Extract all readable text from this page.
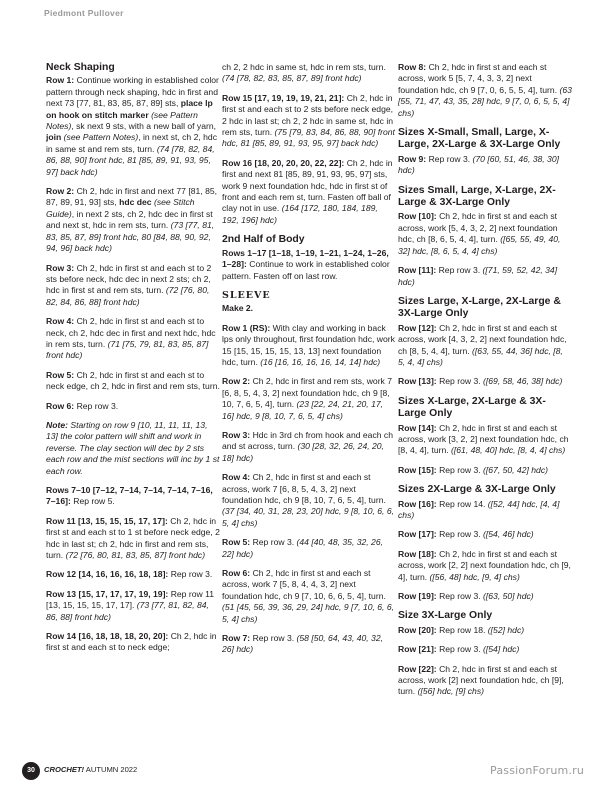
Piedmont Pullover
Neck Shaping

Row 1: Continue working in established color pattern through neck shaping, hdc in first and next 73 [77, 81, 83, 85, 87, 89] sts, place lp on hook on stitch marker (see Pattern Notes), sk next 9 sts, with a new ball of yarn, join (see Pattern Notes), in next st, ch 2, hdc in same st and rem sts, turn. (74 [78, 82, 84, 86, 88, 90] front hdc, 81 [85, 89, 91, 93, 95, 97] back hdc)

Row 2: Ch 2, hdc in first and next 77 [81, 85, 87, 89, 91, 93] sts, hdc dec (see Stitch Guide), in next 2 sts, ch 2, hdc dec in first st and next st, hdc in rem sts, turn. (73 [77, 81, 83, 85, 87, 89] front hdc, 80 [84, 88, 90, 92, 94, 96] back hdc)

Row 3: Ch 2, hdc in first st and each st to 2 sts before neck, hdc dec in next 2 sts; ch 2, hdc in first st and rem sts, turn. (72 [76, 80, 82, 84, 86, 88] front hdc)

Row 4: Ch 2, hdc in first st and each st to neck, ch 2, hdc dec in first and next hdc, hdc in rem sts, turn. (71 [75, 79, 81, 83, 85, 87] front hdc)

Row 5: Ch 2, hdc in first st and each st to neck edge, ch 2, hdc in first and rem sts, turn.

Row 6: Rep row 3.

Note: Starting on row 9 [10, 11, 11, 11, 13, 13] the color pattern will shift and work in reverse. The clay section will dec by 2 sts each row and the mist sections will inc by 1 st each row.

Rows 7–10 [7–12, 7–14, 7–14, 7–14, 7–16, 7–16]: Rep row 5.

Row 11 [13, 15, 15, 15, 17, 17]: Ch 2, hdc in first st and each st to 1 st before neck edge, 2 hdc in last st; ch 2, hdc in first and rem sts, turn. (72 [76, 80, 81, 83, 85, 87] front hdc)

Row 12 [14, 16, 16, 16, 18, 18]: Rep row 3.

Row 13 [15, 17, 17, 17, 19, 19]: Rep row 11 [13, 15, 15, 15, 17, 17]. (73 [77, 81, 82, 84, 86, 88] front hdc)

Row 14 [16, 18, 18, 18, 20, 20]: Ch 2, hdc in first st and each st to neck edge;

ch 2, 2 hdc in same st, hdc in rem sts, turn. (74 [78, 82, 83, 85, 87, 89] front hdc)

Row 15 [17, 19, 19, 19, 21, 21]: Ch 2, hdc in first st and each st to 2 sts before neck edge, 2 hdc in last st; ch 2, 2 hdc in same st, hdc in rem sts, turn. (75 [79, 83, 84, 86, 88, 90] front hdc, 81 [85, 89, 91, 93, 95, 97] back hdc)

Row 16 [18, 20, 20, 20, 22, 22]: Ch 2, hdc in first and next 81 [85, 89, 91, 93, 95, 97] sts, work 9 next foundation hdc, hdc in first st of front and each rem st, turn. Fasten off ball of clay not in use. (164 [172, 180, 184, 189, 192, 196] hdc)

2nd Half of Body

Rows 1–17 [1–18, 1–19, 1–21, 1–24, 1–26, 1–28]: Continue to work in established color pattern. Fasten off on last row.

SLEEVE

Make 2.

Row 1 (RS): With clay and working in back lps only throughout, first foundation hdc, work 15 [15, 15, 15, 15, 13, 13] next foundation hdc, turn. (16 [16, 16, 16, 16, 14, 14] hdc)

Row 2: Ch 2, hdc in first and rem sts, work 7 [6, 8, 5, 4, 3, 2] next foundation hdc, ch 9 [8, 10, 7, 6, 5, 4], turn. (23 [22, 24, 21, 20, 17, 16] hdc, 9 [8, 10, 7, 6, 5, 4] chs)

Row 3: Hdc in 3rd ch from hook and each ch and st across, turn. (30 [28, 32, 26, 24, 20, 18] hdc)

Row 4: Ch 2, hdc in first st and each st across, work 7 [6, 8, 5, 4, 3, 2] next foundation hdc, ch 9 [8, 10, 7, 6, 5, 4], turn. (37 [34, 40, 31, 28, 23, 20] hdc, 9 [8, 10, 6, 6, 5, 4] chs)

Row 5: Rep row 3. (44 [40, 48, 35, 32, 26, 22] hdc)

Row 6: Ch 2, hdc in first st and each st across, work 7 [5, 8, 4, 4, 3, 2] next foundation hdc, ch 9 [7, 10, 6, 6, 5, 4], turn. (51 [45, 56, 39, 36, 29, 24] hdc, 9 [7, 10, 6, 6, 5, 4] chs)

Row 7: Rep row 3. (58 [50, 64, 43, 40, 32, 26] hdc)

Row 8: Ch 2, hdc in first st and each st across, work 5 [5, 7, 4, 3, 3, 2] next foundation hdc, ch 9 [7, 0, 6, 5, 5, 4], turn. (63 [55, 71, 47, 43, 35, 28] hdc, 9 [7, 0, 6, 5, 5, 4] chs)

Sizes X-Small, Small, Large, X-Large, 2X-Large & 3X-Large Only

Row 9: Rep row 3. (70 [60, 51, 46, 38, 30] hdc)

Sizes Small, Large, X-Large, 2X-Large & 3X-Large Only

Row [10]: Ch 2, hdc in first st and each st across, work [5, 4, 3, 2, 2] next foundation hdc, ch [8, 6, 5, 4, 4], turn. ([65, 55, 49, 40, 32] hdc, [8, 6, 5, 4, 4] chs)

Row [11]: Rep row 3. ([71, 59, 52, 42, 34] hdc)

Sizes Large, X-Large, 2X-Large & 3X-Large Only

Row [12]: Ch 2, hdc in first st and each st across, work [4, 3, 2, 2] next foundation hdc, ch [8, 5, 4, 4], turn. ([63, 55, 44, 36] hdc, [8, 5, 4, 4] chs)

Row [13]: Rep row 3. ([69, 58, 46, 38] hdc)

Sizes X-Large, 2X-Large & 3X-Large Only

Row [14]: Ch 2, hdc in first st and each st across, work [3, 2, 2] next foundation hdc, ch [8, 4, 4], turn. ([61, 48, 40] hdc, [8, 4, 4] chs)

Row [15]: Rep row 3. ([67, 50, 42] hdc)

Sizes 2X-Large & 3X-Large Only

Row [16]: Rep row 14. ([52, 44] hdc, [4, 4] chs)

Row [17]: Rep row 3. ([54, 46] hdc)

Row [18]: Ch 2, hdc in first st and each st across, work [2, 2] next foundation hdc, ch [9, 4], turn. ([56, 48] hdc, [9, 4] chs)

Row [19]: Rep row 3. ([63, 50] hdc)

Size 3X-Large Only

Row [20]: Rep row 18. ([52] hdc)

Row [21]: Rep row 3. ([54] hdc)

Row [22]: Ch 2, hdc in first st and each st across, work [2] next foundation hdc, ch [9], turn. ([56] hdc, [9] chs)

30	CROCHET! AUTUMN 2022	PassionForum.ru
